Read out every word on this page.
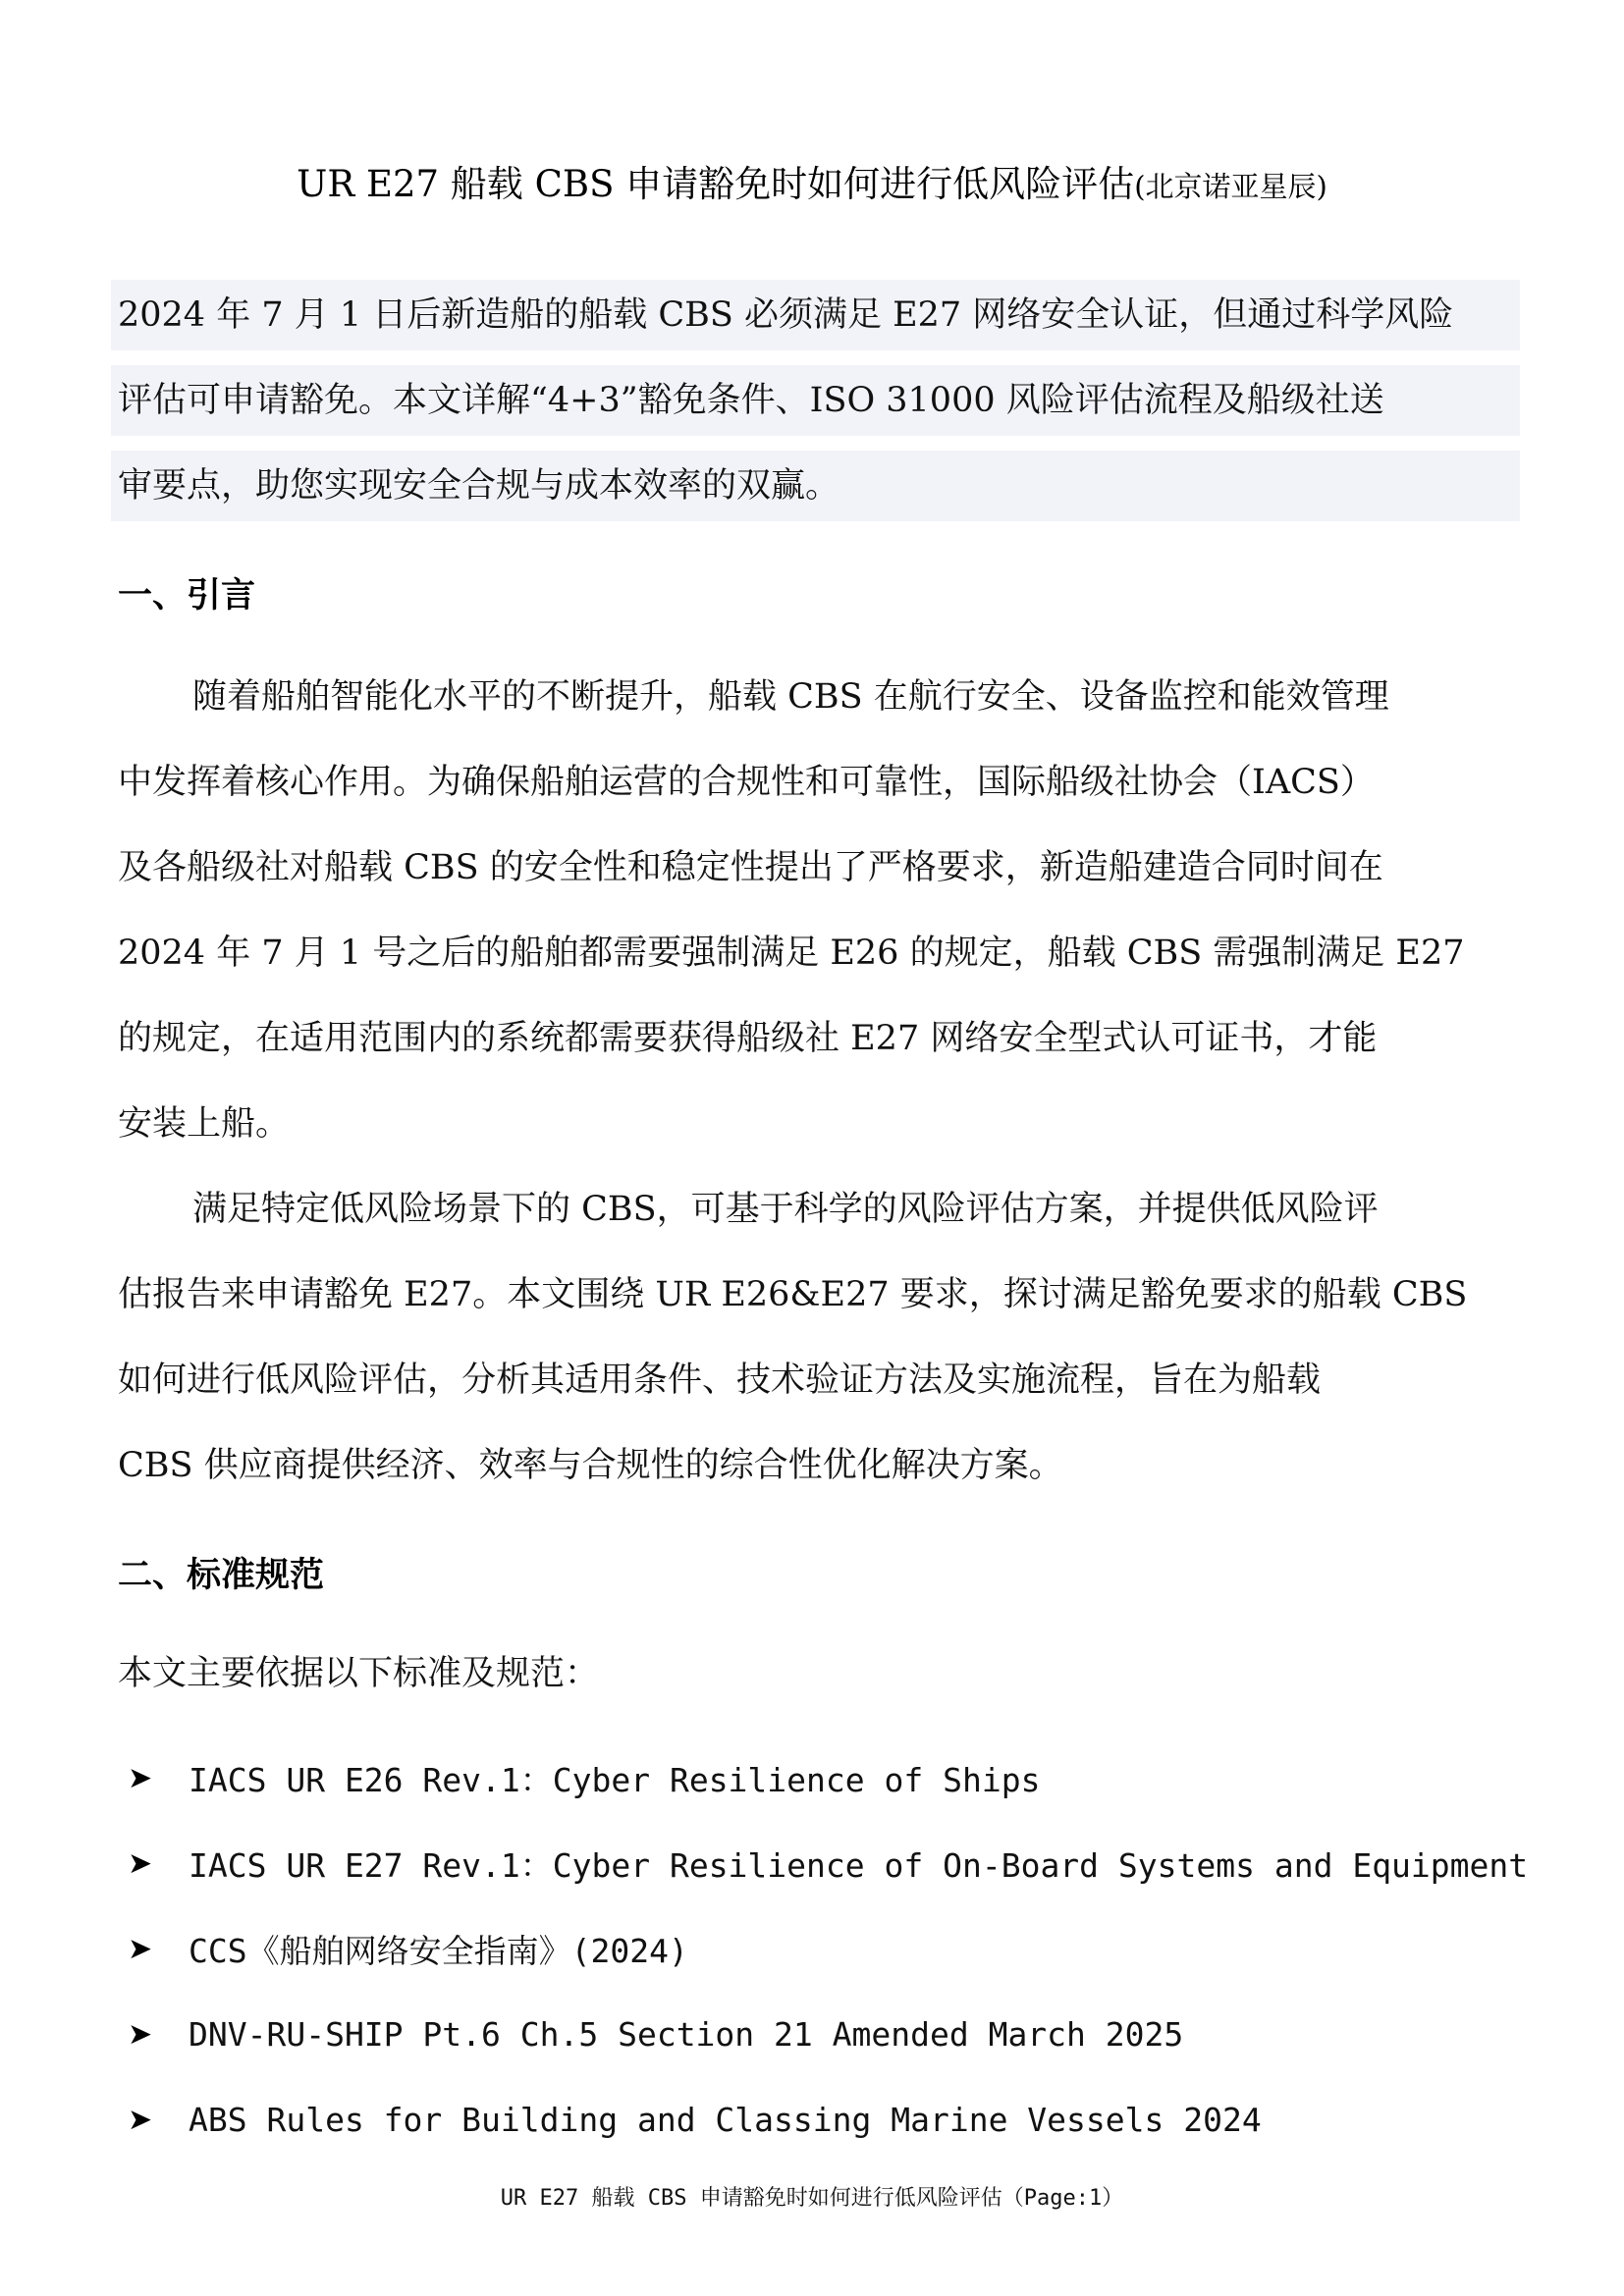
UR E27 船载 CBS 申请豁免时如何进行低风险评估(北京诺亚星辰)
2024 年 7 月 1 日后新造船的船载 CBS 必须满足 E27 网络安全认证，但通过科学风险
评估可申请豁免。本文详解“4+3”豁免条件、ISO 31000 风险评估流程及船级社送
审要点，助您实现安全合规与成本效率的双赢。
一、引言

随着船舶智能化水平的不断提升，船载 CBS 在航行安全、设备监控和能效管理

中发挥着核心作用。为确保船舶运营的合规性和可靠性，国际船级社协会（IACS）

及各船级社对船载 CBS 的安全性和稳定性提出了严格要求，新造船建造合同时间在

2024 年 7 月 1 号之后的船舶都需要强制满足 E26 的规定，船载 CBS 需强制满足 E27

的规定，在适用范围内的系统都需要获得船级社 E27 网络安全型式认可证书，才能

安装上船。

满足特定低风险场景下的 CBS，可基于科学的风险评估方案，并提供低风险评

估报告来申请豁免 E27。本文围绕 UR E26&E27 要求，探讨满足豁免要求的船载 CBS

如何进行低风险评估，分析其适用条件、技术验证方法及实施流程，旨在为船载

CBS 供应商提供经济、效率与合规性的综合性优化解决方案。

二、标准规范
本文主要依据以下标准及规范：
➤	IACS UR E26 Rev.1：Cyber Resilience of Ships
➤	IACS UR E27 Rev.1：Cyber Resilience of On-Board Systems and Equipment
➤	CCS《船舶网络安全指南》(2024)
➤	DNV-RU-SHIP Pt.6 Ch.5 Section 21 Amended March 2025
➤	ABS Rules for Building and Classing Marine Vessels 2024
UR E27 船载 CBS 申请豁免时如何进行低风险评估（Page:1）
